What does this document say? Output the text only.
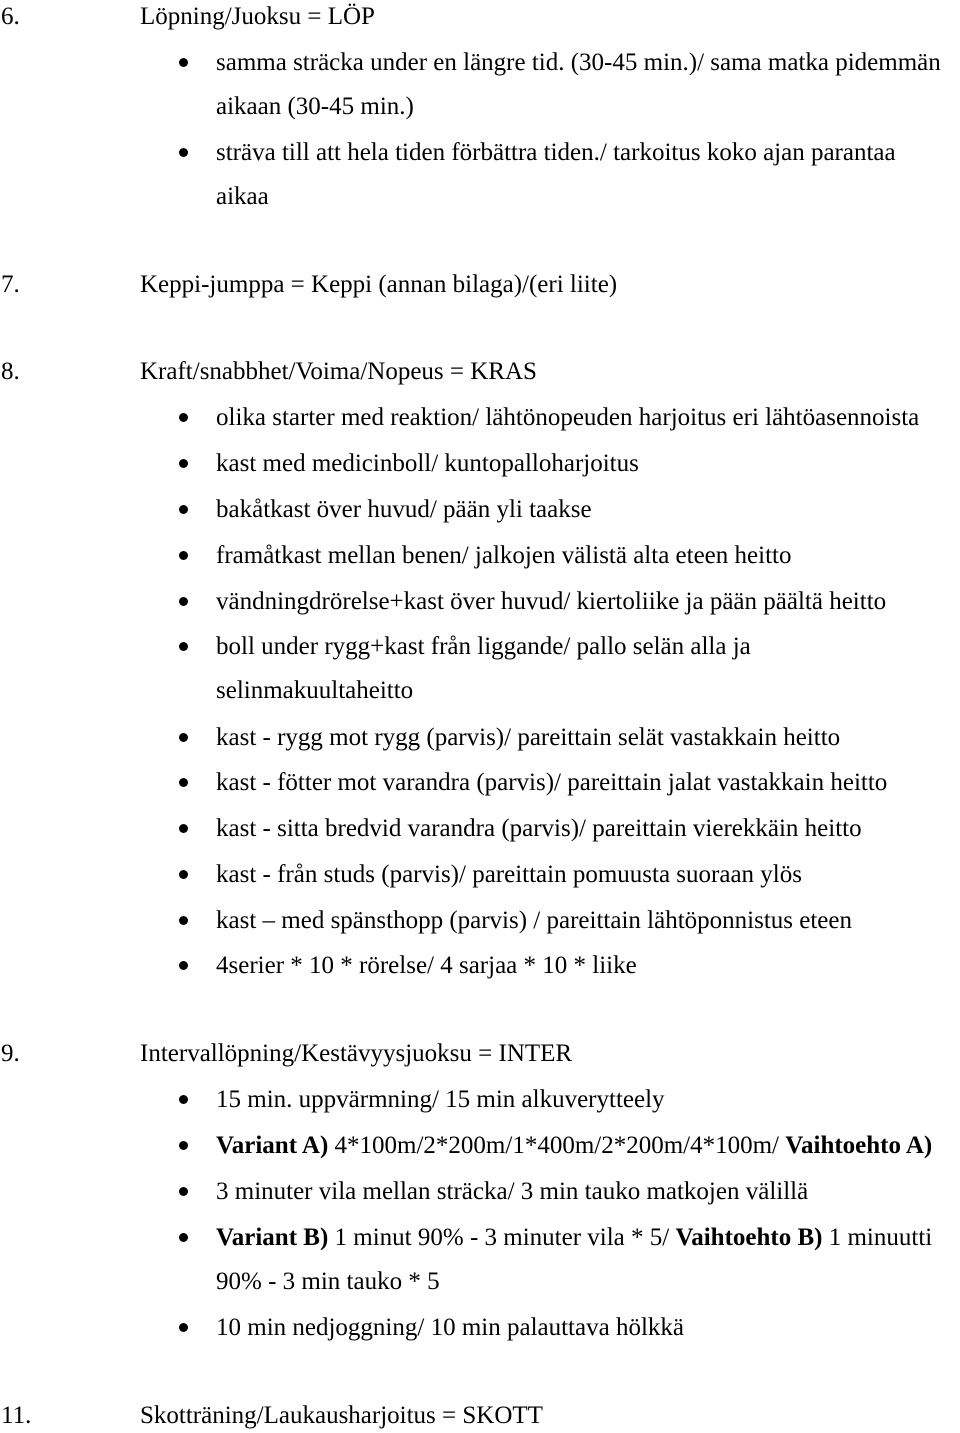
6.	Löpning/Juoksu = LÖP
samma sträcka under en längre tid. (30-45 min.)/ sama matka pidemmän
aikaan (30-45 min.)
sträva till att hela tiden förbättra tiden./ tarkoitus koko ajan parantaa
aikaa
7.	Keppi-jumppa = Keppi (annan bilaga)/(eri liite)
8.	Kraft/snabbhet/Voima/Nopeus = KRAS
olika starter med reaktion/ lähtönopeuden harjoitus eri lähtöasennoista
kast med medicinboll/ kuntopalloharjoitus
bakåtkast över huvud/ pään yli taakse
framåtkast mellan benen/ jalkojen välistä alta eteen heitto
vändningdrörelse+kast över huvud/ kiertoliike ja pään päältä heitto
boll under rygg+kast från liggande/ pallo selän alla ja
selinmakuultaheitto
kast - rygg mot rygg (parvis)/ pareittain selät vastakkain heitto
kast - fötter mot varandra (parvis)/ pareittain jalat vastakkain heitto
kast - sitta bredvid varandra (parvis)/ pareittain vierekkäin heitto
kast - från studs (parvis)/ pareittain pomuusta suoraan ylös
kast – med spänsthopp (parvis) / pareittain lähtöponnistus eteen
4serier * 10 * rörelse/ 4 sarjaa * 10 * liike
9.	Intervallöpning/Kestävyysjuoksu = INTER
15 min. uppvärmning/ 15 min alkuverytteely
Variant A) 4*100m/2*200m/1*400m/2*200m/4*100m/ Vaihtoehto A)
3 minuter vila mellan sträcka/ 3 min tauko matkojen välillä
Variant B) 1 minut 90% - 3 minuter vila * 5/ Vaihtoehto B) 1 minuutti
90% - 3 min tauko * 5
10 min nedjoggning/ 10 min palauttava hölkkä
11.	Skotträning/Laukausharjoitus = SKOTT
